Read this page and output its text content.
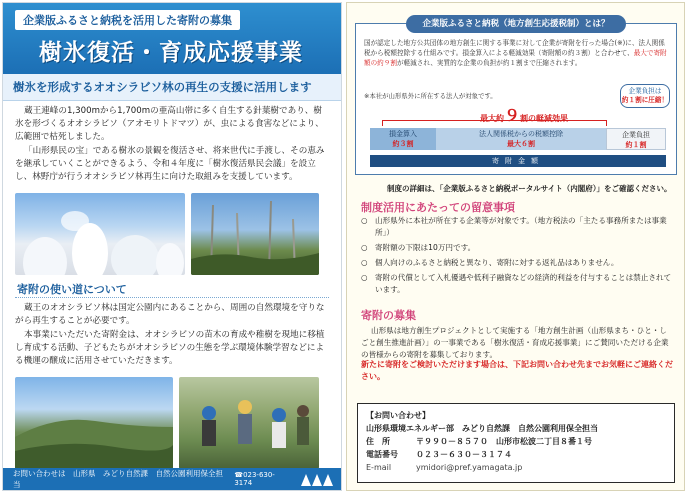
企業版ふるさと納税を活用した寄附の募集
樹氷復活・育成応援事業
樹氷を形成するオオシラビソ林の再生の支援に活用します

蔵王連峰の1,300mから1,700mの亜高山帯に多く自生する針葉樹であり、樹氷を形づくるオオシラビソ（アオモリトドマツ）が、虫による食害などにより、広範囲で枯死しました。

「山形県民の宝」である樹氷の景観を復活させ、将来世代に手渡し、その恵みを継承していくことができるよう、令和４年度に「樹氷復活県民会議」を設立し、林野庁が行うオオシラビソ林再生に向けた取組みを支援しています。

寄附の使い道について

蔵王のオオシラビソ林は国定公園内にあることから、周囲の自然環境を守りながら再生することが必要です。

本事業にいただいた寄附金は、オオシラビソの苗木の育成や稚樹を現地に移植し育成する活動、子どもたちがオオシラビソの生態を学ぶ環境体験学習などによる機運の醸成に活用させていただきます。

お問い合わせは　山形県　みどり自然課　自然公園利用保全担当
☎023-630-3174
企業版ふるさと納税（地方創生応援税制）とは？
国が認定した地方公共団体の地方創生に関する事業に対して企業が寄附を行った場合(※)に、法人関係税から税額控除する仕組みです。損金算入による軽減効果（寄附額の約３割）と合わせて、最大で寄附額の約９割が軽減され、実質的な企業の負担が約１割まで圧縮されます。
※本社が山形県外に所在する法人が対象です。
企業負担は
約１割に圧縮！
最大約９割の軽減効果
損金算入
約３割
法人関係税からの税額控除
最大６割
企業負担
約１割
寄附金額
制度の詳細は、「企業版ふるさと納税ポータルサイト（内閣府）」をご確認ください。
制度活用にあたっての留意事項
○ 山形県外に本社が所在する企業等が対象です。（地方税法の「主たる事務所または事業所」）
○ 寄附額の下限は10万円です。
○ 個人向けのふるさと納税と異なり、寄附に対する返礼品はありません。
○ 寄附の代償として入札優遇や低利子融資などの経済的利益を付与することは禁止されています。
寄附の募集
山形県は地方創生プロジェクトとして実施する「地方創生計画（山形県まち・ひと・しごと創生推進計画）」の一事業である「樹氷復活・育成応援事業」にご賛同いただける企業の皆様からの寄附を募集しております。
新たに寄附をご検討いただけます場合は、下記お問い合わせ先までお気軽にご連絡ください。
【お問い合わせ】
山形県環境エネルギー部　みどり自然課　自然公園利用保全担当
住　所	〒９９０－８５７０　山形市松波二丁目８番１号
電話番号	０２３－６３０－３１７４
E-mail	ymidori@pref.yamagata.jp
